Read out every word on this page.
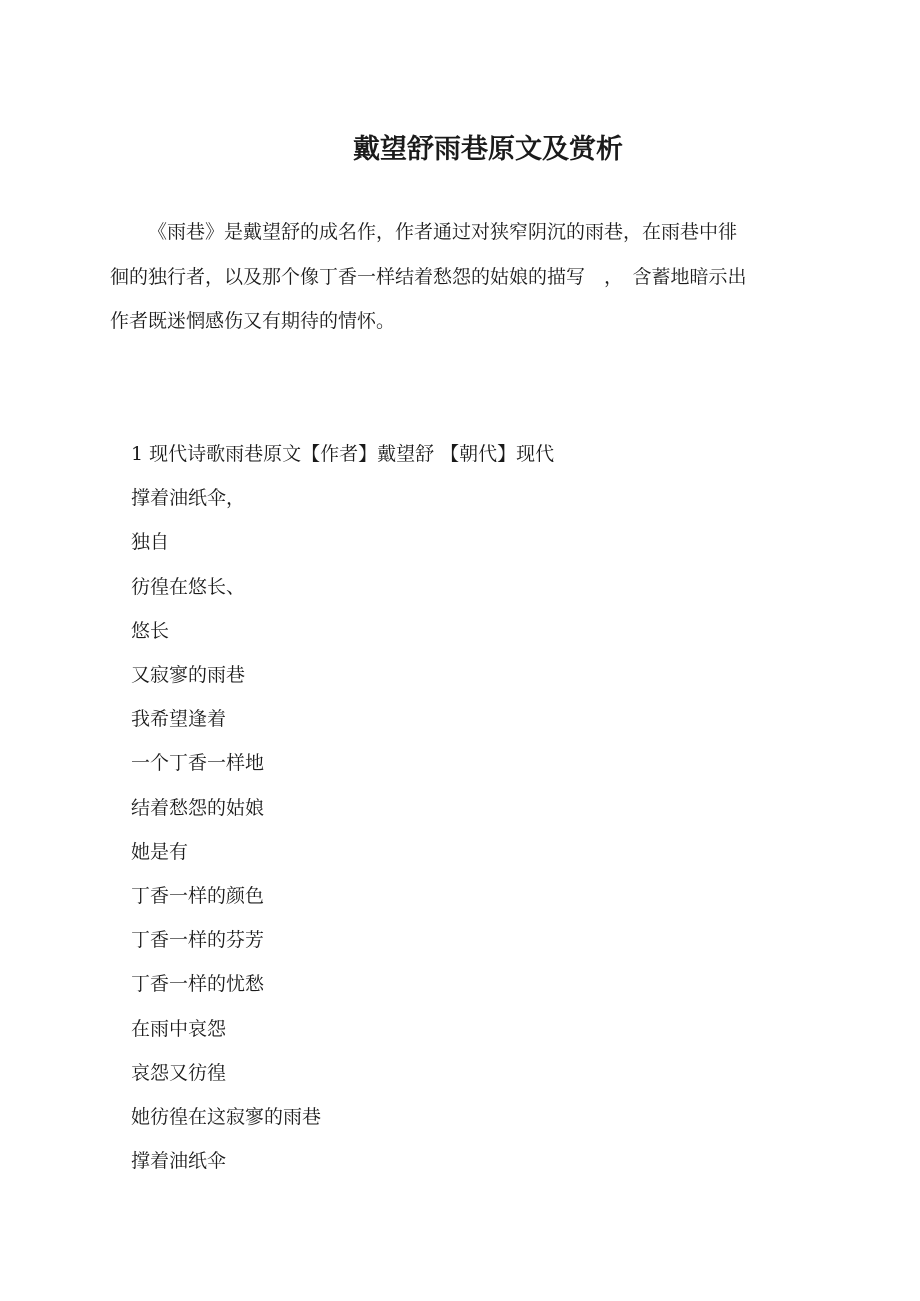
戴望舒雨巷原文及赏析

《雨巷》是戴望舒的成名作，作者通过对狭窄阴沉的雨巷，在雨巷中徘

徊的独行者，以及那个像丁香一样结着愁怨的姑娘的描写　，　含蓄地暗示出

作者既迷惘感伤又有期待的情怀。

1 现代诗歌雨巷原文【作者】戴望舒 【朝代】现代

撑着油纸伞，

独自

彷徨在悠长、

悠长

又寂寥的雨巷

我希望逢着

一个丁香一样地

结着愁怨的姑娘

她是有

丁香一样的颜色

丁香一样的芬芳

丁香一样的忧愁

在雨中哀怨

哀怨又彷徨

她彷徨在这寂寥的雨巷

撑着油纸伞
